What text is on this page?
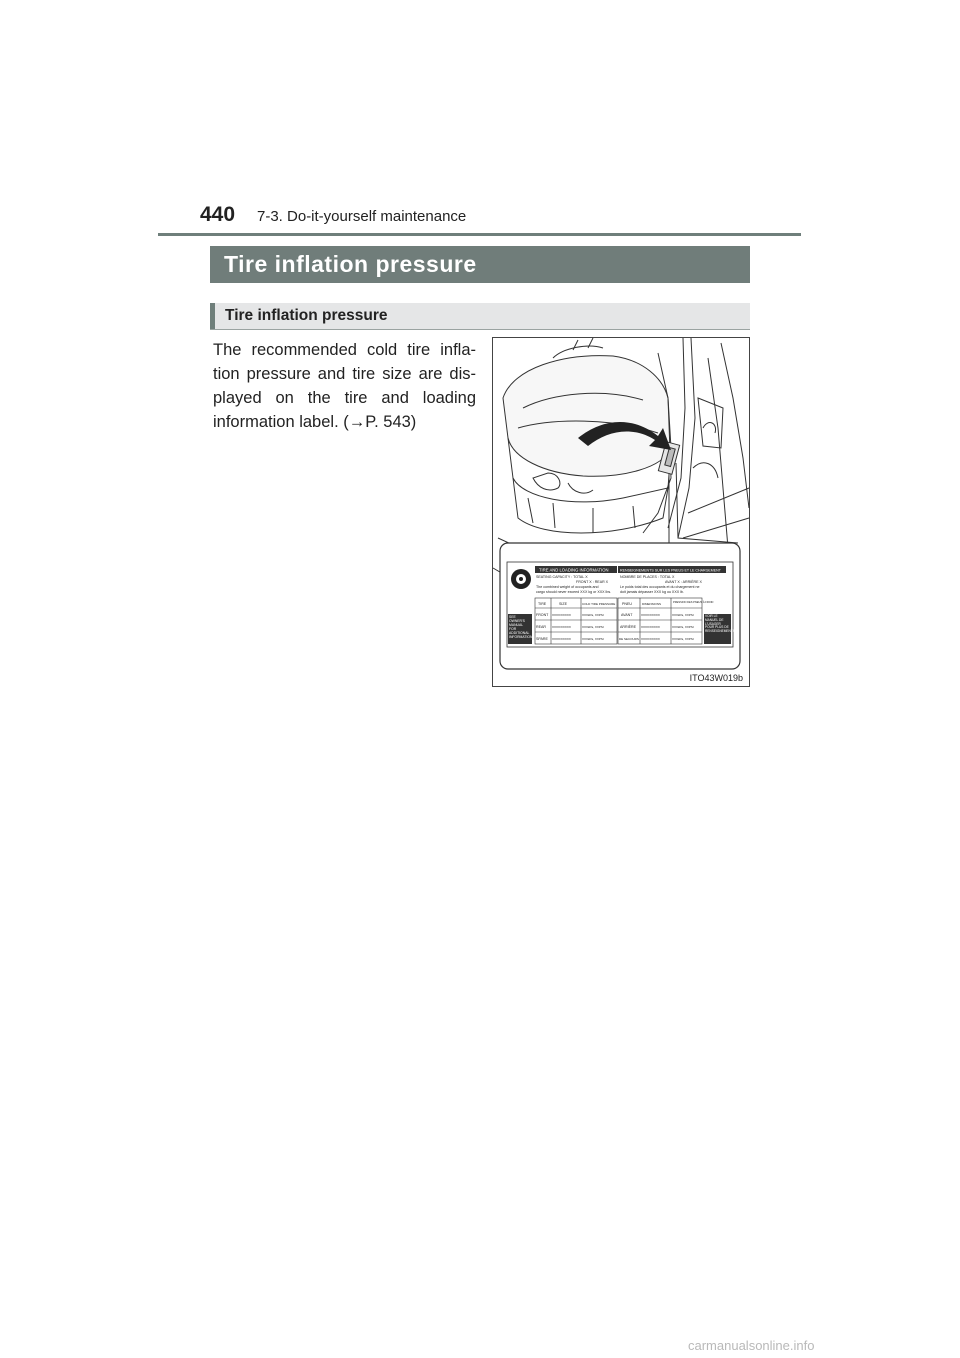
440 7-3. Do-it-yourself maintenance
Tire inflation pressure
Tire inflation pressure
The recommended cold tire infla-tion pressure and tire size are dis-played on the tire and loading information label. (→P. 543)
TIRE AND LOADING INFORMATION	RENSEIGNEMENTS SUR LES PNEUS ET LE CHARGEMENT
SEATING CAPACITY : TOTAL X
FRONT X : REAR X
The combined weight of occupants and
cargo should never exceed XXX kg or XXX lbs.
NOMBRE DE PLACES : TOTAL X
AVANT X : ARRIÈRE X
Le poids total des occupants et du chargement ne
doit jamais dépasser XXX kg ou XXX lb.
TIRE	SIZE	COLD TIRE PRESSURE PNEU	DIMENSIONS	PRESSION DES PNEUS À FROID
FRONT XXXX/XXXXX	XXXkPa, XXPSI	AVANT	XXXX/XXXXX	XXXkPa, XXPSI
REAR XXXX/XXXXX	XXXkPa, XXPSI	ARRIÈRE XXXX/XXXXX	XXXkPa, XXPSI
SPARE XXXX/XXXXX	XXXkPa, XXPSI	DE SECOURS XXXX/XXXXX	XXXkPa, XXPSI
SEE OWNER'S MANUAL FOR ADDITIONAL INFORMATION
VOIR LE MANUEL DE L'USAGER POUR PLUS DE RENSEIGNEMENTS
ITO43W019b
carmanualsonline.info
